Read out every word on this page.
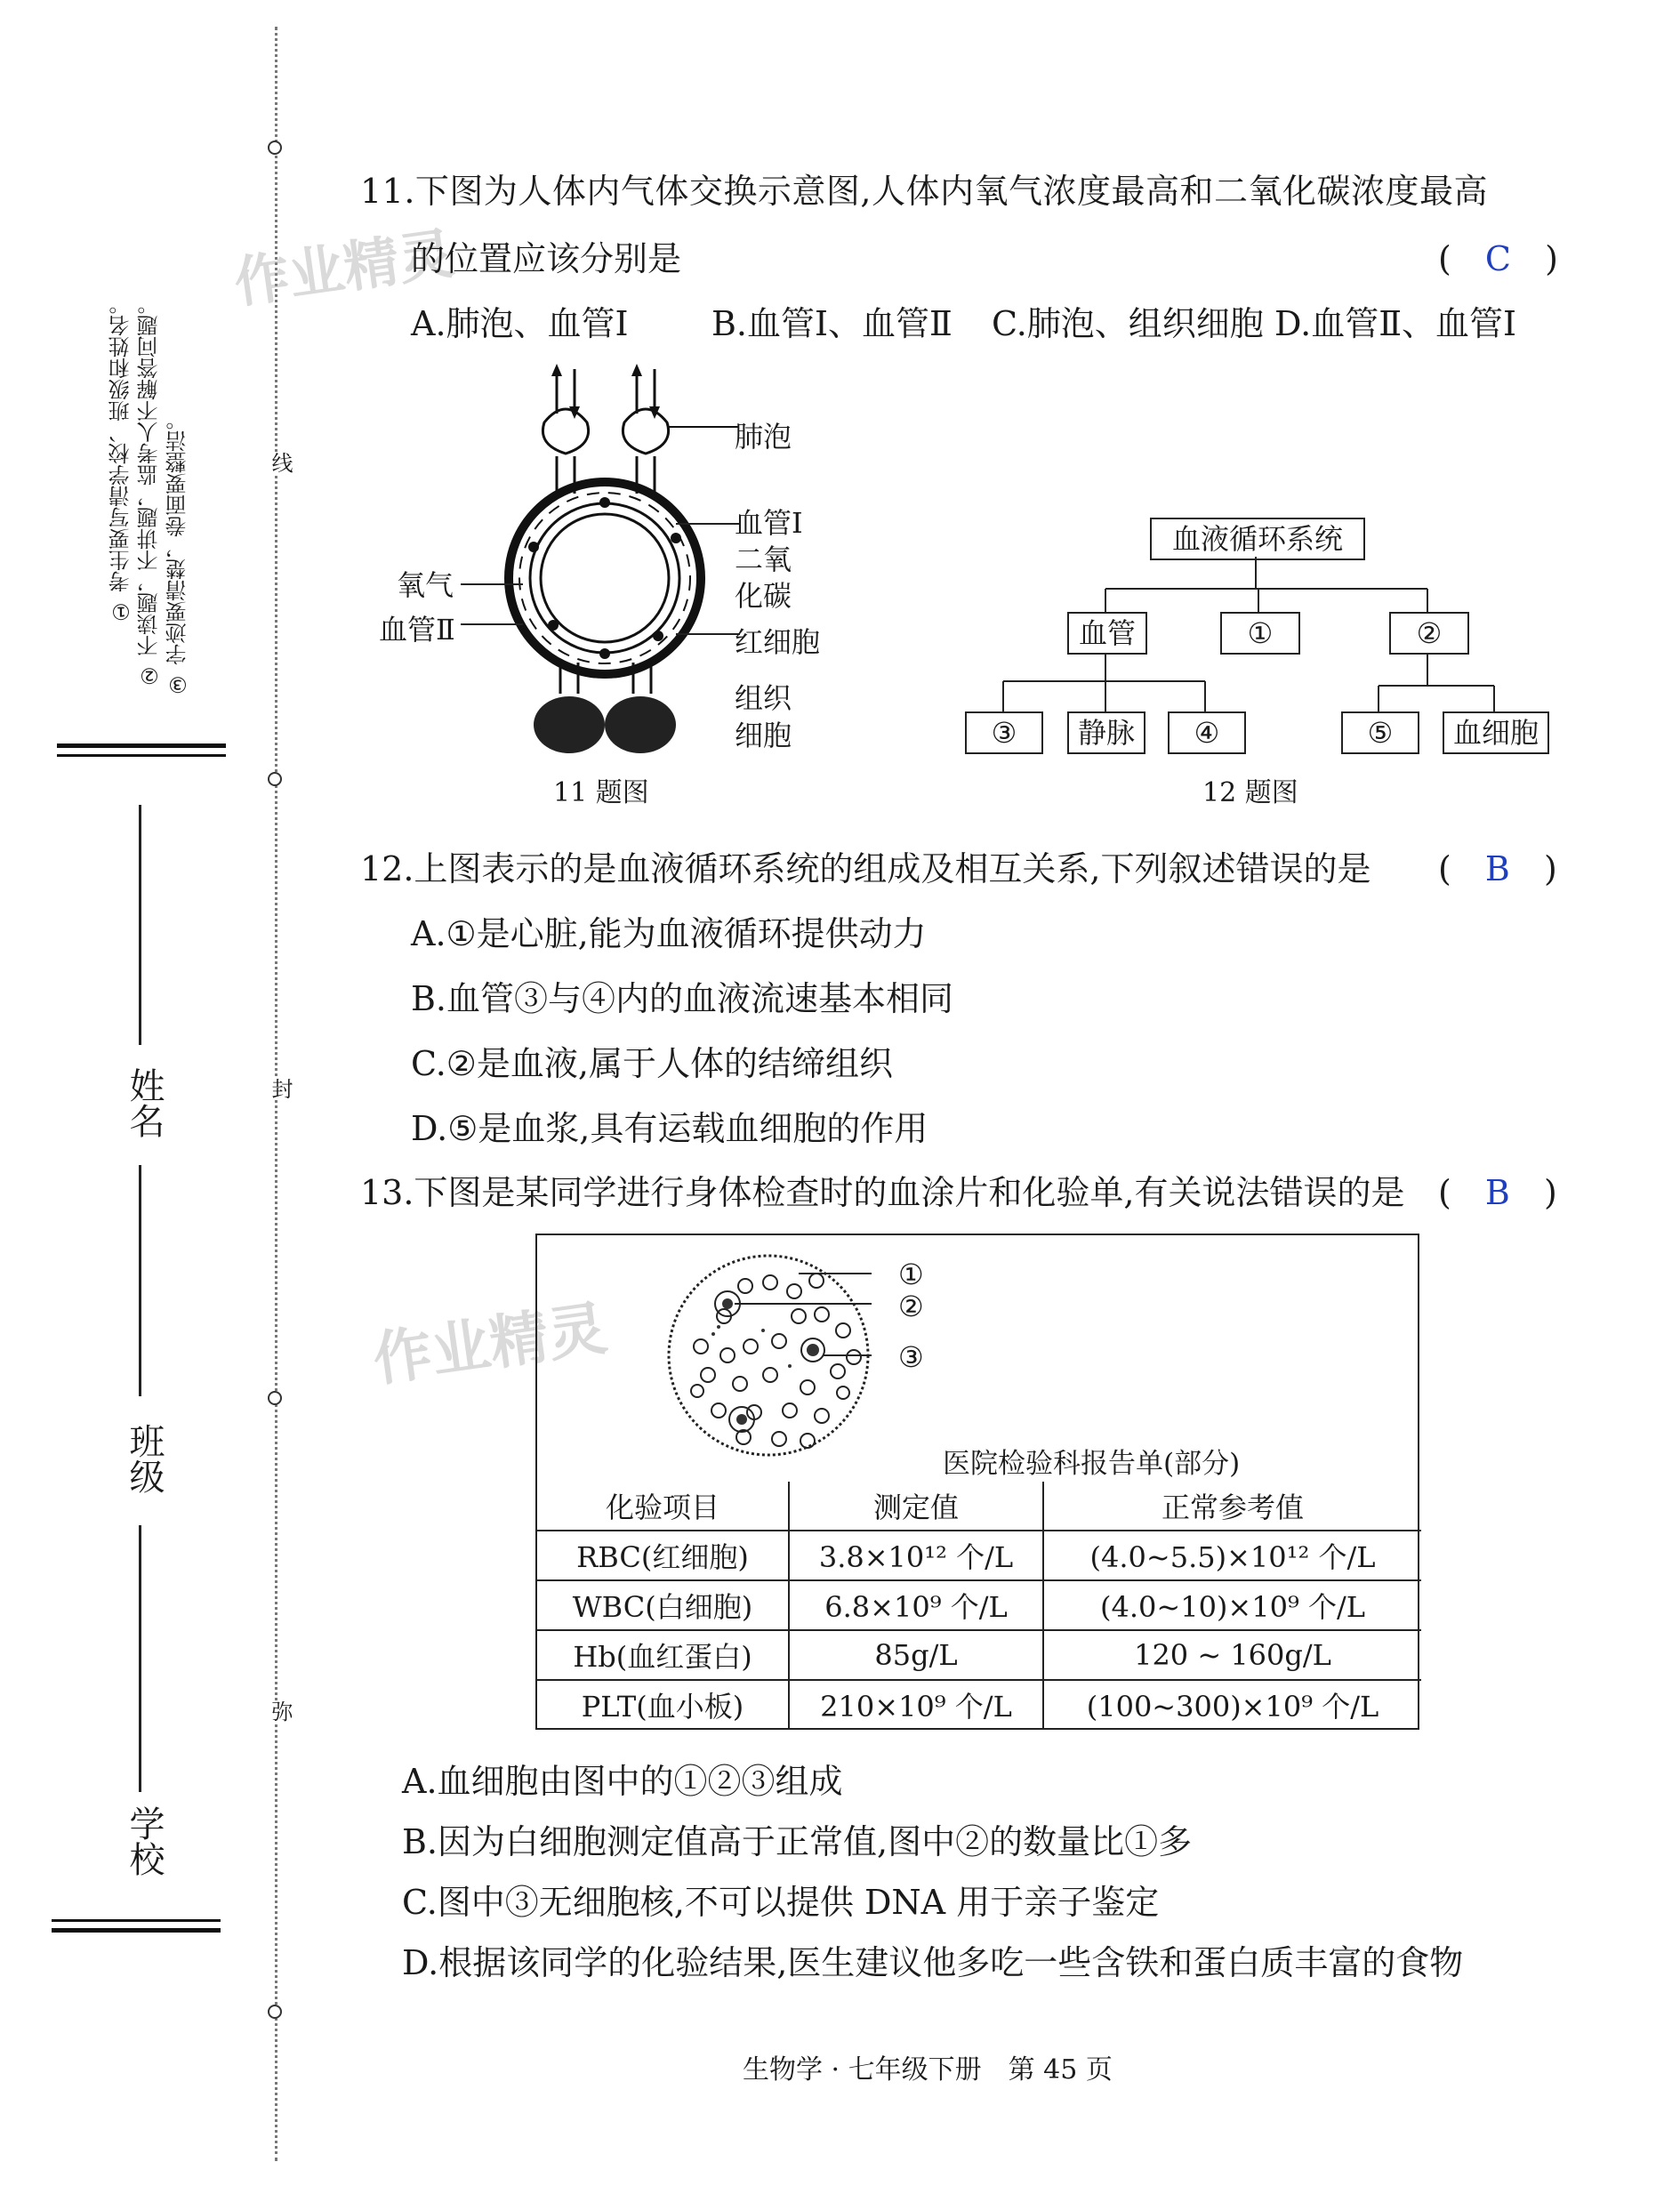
① 考生要写清学校、班级和姓名。 ② 不读题，不讲题，监考人不解答问题。 ③ 字迹要清楚，卷面要整洁。
姓名
班级
学校
线
封
弥
作业精灵
作业精灵
11.下图为人体内气体交换示意图,人体内氧气浓度最高和二氧化碳浓度最高
的位置应该分别是	( C )
A.肺泡、血管Ⅰ B.血管Ⅰ、血管Ⅱ C.肺泡、组织细胞 D.血管Ⅱ、血管Ⅰ
肺泡
血管Ⅰ
二氧
化碳
氧气
血管Ⅱ	红细胞
组织
细胞
11 题图
血液循环系统
血管	①	②
③	静脉	④	⑤	血细胞
12 题图
12.上图表示的是血液循环系统的组成及相互关系,下列叙述错误的是 ( B )
A.①是心脏,能为血液循环提供动力
B.血管③与④内的血液流速基本相同
C.②是血液,属于人体的结缔组织
D.⑤是血浆,具有运载血细胞的作用
13.下图是某同学进行身体检查时的血涂片和化验单,有关说法错误的是 ( B )
①
②
③
医院检验科报告单(部分)
化验项目	测定值	正常参考值
RBC(红细胞)	3.8×10¹² 个/L	(4.0~5.5)×10¹² 个/L
WBC(白细胞)	6.8×10⁹ 个/L	(4.0~10)×10⁹ 个/L
Hb(血红蛋白)	85g/L	120 ~ 160g/L
PLT(血小板)	210×10⁹ 个/L	(100~300)×10⁹ 个/L
A.血细胞由图中的①②③组成
B.因为白细胞测定值高于正常值,图中②的数量比①多
C.图中③无细胞核,不可以提供 DNA 用于亲子鉴定
D.根据该同学的化验结果,医生建议他多吃一些含铁和蛋白质丰富的食物
生物学 · 七年级下册　第 45 页
